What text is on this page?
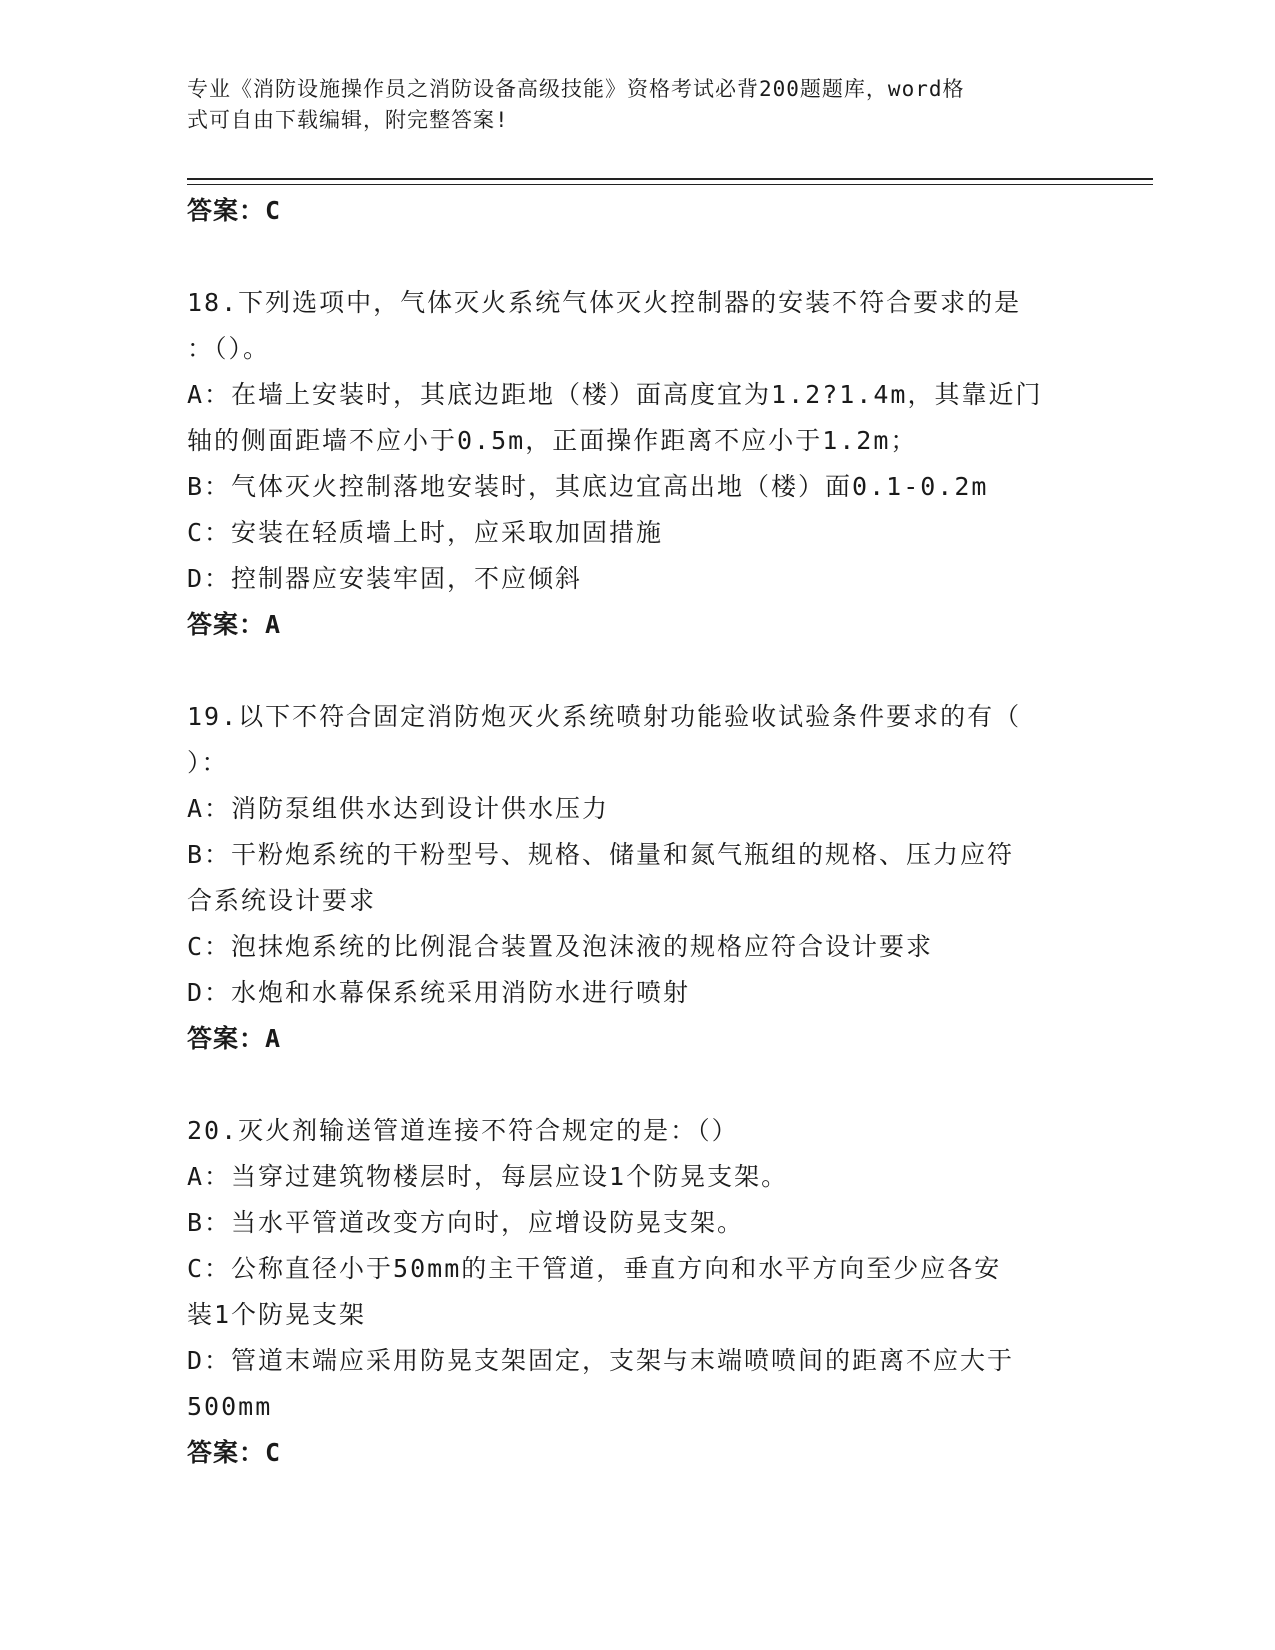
专业《消防设施操作员之消防设备高级技能》资格考试必背200题题库，word格
式可自由下载编辑，附完整答案!
答案：C
18.下列选项中，气体灭火系统气体灭火控制器的安装不符合要求的是
：（）。
A：在墙上安装时，其底边距地（楼）面高度宜为1.2?1.4m，其靠近门
轴的侧面距墙不应小于0.5m，正面操作距离不应小于1.2m；
B：气体灭火控制落地安装时，其底边宜高出地（楼）面0.1-0.2m
C：安装在轻质墙上时，应采取加固措施
D：控制器应安装牢固，不应倾斜
答案：A
19.以下不符合固定消防炮灭火系统喷射功能验收试验条件要求的有（
）：
A：消防泵组供水达到设计供水压力
B：干粉炮系统的干粉型号、规格、储量和氮气瓶组的规格、压力应符
合系统设计要求
C：泡抹炮系统的比例混合装置及泡沫液的规格应符合设计要求
D：水炮和水幕保系统采用消防水进行喷射
答案：A
20.灭火剂输送管道连接不符合规定的是：（）
A：当穿过建筑物楼层时，每层应设1个防晃支架。
B：当水平管道改变方向时，应增设防晃支架。
C：公称直径小于50mm的主干管道，垂直方向和水平方向至少应各安
装1个防晃支架
D：管道末端应采用防晃支架固定，支架与末端喷喷间的距离不应大于
500mm
答案：C
